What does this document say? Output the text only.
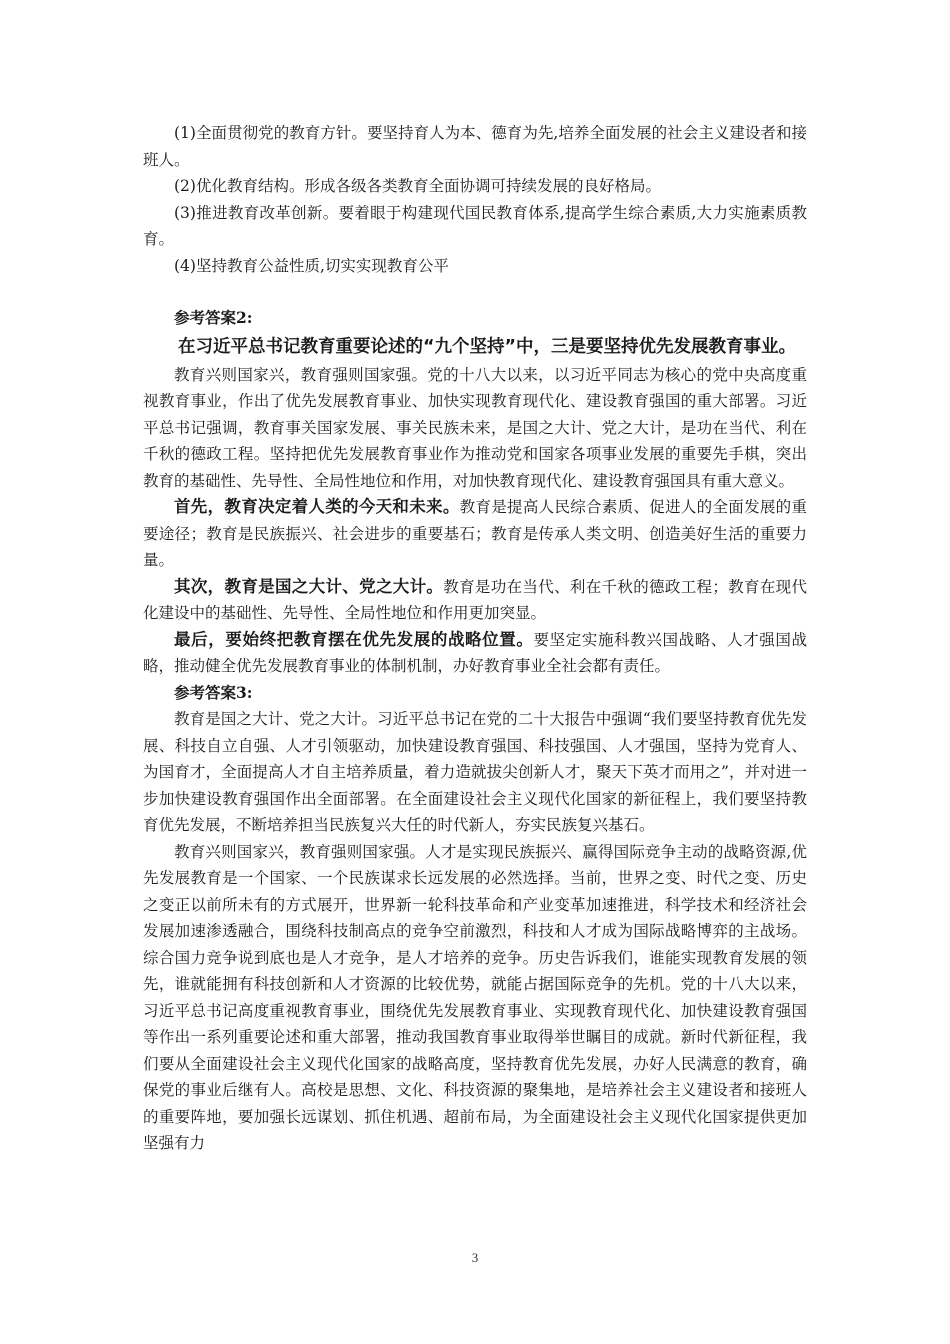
(1)全面贯彻党的教育方针。要坚持育人为本、德育为先,培养全面发展的社会主义建设者和接班人。

(2)优化教育结构。形成各级各类教育全面协调可持续发展的良好格局。

(3)推进教育改革创新。要着眼于构建现代国民教育体系,提高学生综合素质,大力实施素质教育。

(4)坚持教育公益性质,切实实现教育公平

参考答案2:

在习近平总书记教育重要论述的“九个坚持”中，三是要坚持优先发展教育事业。

教育兴则国家兴，教育强则国家强。党的十八大以来，以习近平同志为核心的党中央高度重视教育事业，作出了优先发展教育事业、加快实现教育现代化、建设教育强国的重大部署。习近平总书记强调，教育事关国家发展、事关民族未来，是国之大计、党之大计，是功在当代、利在千秋的德政工程。坚持把优先发展教育事业作为推动党和国家各项事业发展的重要先手棋，突出教育的基础性、先导性、全局性地位和作用，对加快教育现代化、建设教育强国具有重大意义。

首先，教育决定着人类的今天和未来。教育是提高人民综合素质、促进人的全面发展的重要途径；教育是民族振兴、社会进步的重要基石；教育是传承人类文明、创造美好生活的重要力量。

其次，教育是国之大计、党之大计。教育是功在当代、利在千秋的德政工程；教育在现代化建设中的基础性、先导性、全局性地位和作用更加突显。

最后，要始终把教育摆在优先发展的战略位置。要坚定实施科教兴国战略、人才强国战略，推动健全优先发展教育事业的体制机制，办好教育事业全社会都有责任。

参考答案3:

教育是国之大计、党之大计。习近平总书记在党的二十大报告中强调“我们要坚持教育优先发展、科技自立自强、人才引领驱动，加快建设教育强国、科技强国、人才强国，坚持为党育人、为国育才，全面提高人才自主培养质量，着力造就拔尖创新人才，聚天下英才而用之”，并对进一步加快建设教育强国作出全面部署。在全面建设社会主义现代化国家的新征程上，我们要坚持教育优先发展，不断培养担当民族复兴大任的时代新人，夯实民族复兴基石。

教育兴则国家兴，教育强则国家强。人才是实现民族振兴、赢得国际竞争主动的战略资源,优先发展教育是一个国家、一个民族谋求长远发展的必然选择。当前，世界之变、时代之变、历史之变正以前所未有的方式展开，世界新一轮科技革命和产业变革加速推进，科学技术和经济社会发展加速渗透融合，围绕科技制高点的竞争空前激烈，科技和人才成为国际战略博弈的主战场。综合国力竞争说到底也是人才竞争，是人才培养的竞争。历史告诉我们，谁能实现教育发展的领先，谁就能拥有科技创新和人才资源的比较优势，就能占据国际竞争的先机。党的十八大以来，习近平总书记高度重视教育事业，围绕优先发展教育事业、实现教育现代化、加快建设教育强国等作出一系列重要论述和重大部署，推动我国教育事业取得举世瞩目的成就。新时代新征程，我们要从全面建设社会主义现代化国家的战略高度，坚持教育优先发展，办好人民满意的教育，确保党的事业后继有人。高校是思想、文化、科技资源的聚集地，是培养社会主义建设者和接班人的重要阵地，要加强长远谋划、抓住机遇、超前布局，为全面建设社会主义现代化国家提供更加坚强有力

3
